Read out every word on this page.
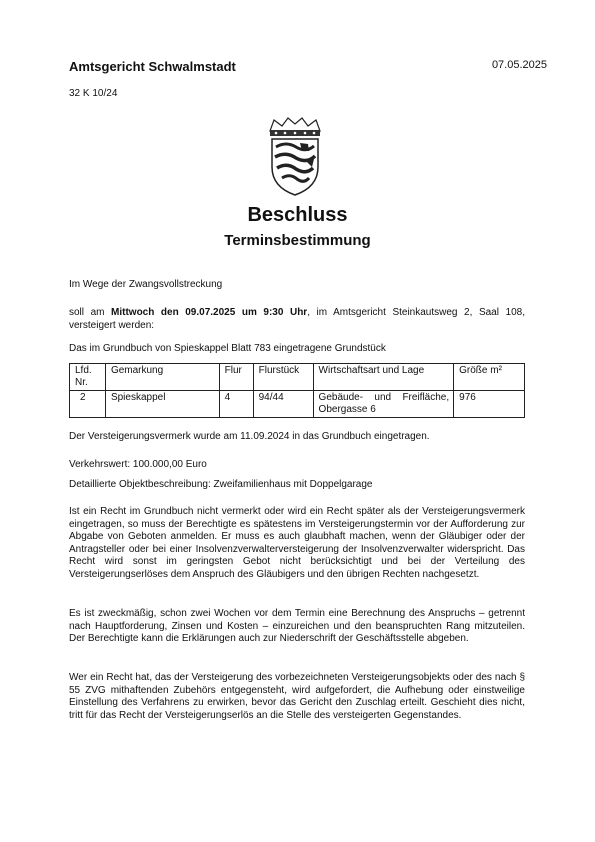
Amtsgericht Schwalmstadt	07.05.2025
32 K 10/24
Beschluss
Terminsbestimmung
Im Wege der Zwangsvollstreckung
soll am Mittwoch den 09.07.2025 um 9:30 Uhr, im Amtsgericht Steinkautsweg 2, Saal 108, versteigert werden:
Das im Grundbuch von Spieskappel Blatt 783 eingetragene Grundstück
Lfd. Nr.	Gemarkung	Flur	Flurstück	Wirtschaftsart und Lage	Größe m²
2	Spieskappel	4	94/44	Gebäude- und Freifläche, Obergasse 6	976
Der Versteigerungsvermerk wurde am 11.09.2024 in das Grundbuch eingetragen.
Verkehrswert: 100.000,00 Euro
Detaillierte Objektbeschreibung: Zweifamilienhaus mit Doppelgarage
Ist ein Recht im Grundbuch nicht vermerkt oder wird ein Recht später als der Versteigerungsvermerk eingetragen, so muss der Berechtigte es spätestens im Versteigerungstermin vor der Aufforderung zur Abgabe von Geboten anmelden. Er muss es auch glaubhaft machen, wenn der Gläubiger oder der Antragsteller oder bei einer Insolvenzverwalterversteigerung der Insolvenzverwalter widerspricht. Das Recht wird sonst im geringsten Gebot nicht berücksichtigt und bei der Verteilung des Versteigerungserlöses dem Anspruch des Gläubigers und den übrigen Rechten nachgesetzt.
Es ist zweckmäßig, schon zwei Wochen vor dem Termin eine Berechnung des Anspruchs – getrennt nach Hauptforderung, Zinsen und Kosten – einzureichen und den beanspruchten Rang mitzuteilen. Der Berechtigte kann die Erklärungen auch zur Niederschrift der Geschäftsstelle abgeben.
Wer ein Recht hat, das der Versteigerung des vorbezeichneten Versteigerungsobjekts oder des nach § 55 ZVG mithaftenden Zubehörs entgegensteht, wird aufgefordert, die Aufhebung oder einstweilige Einstellung des Verfahrens zu erwirken, bevor das Gericht den Zuschlag erteilt. Geschieht dies nicht, tritt für das Recht der Versteigerungserlös an die Stelle des versteigerten Gegenstandes.
